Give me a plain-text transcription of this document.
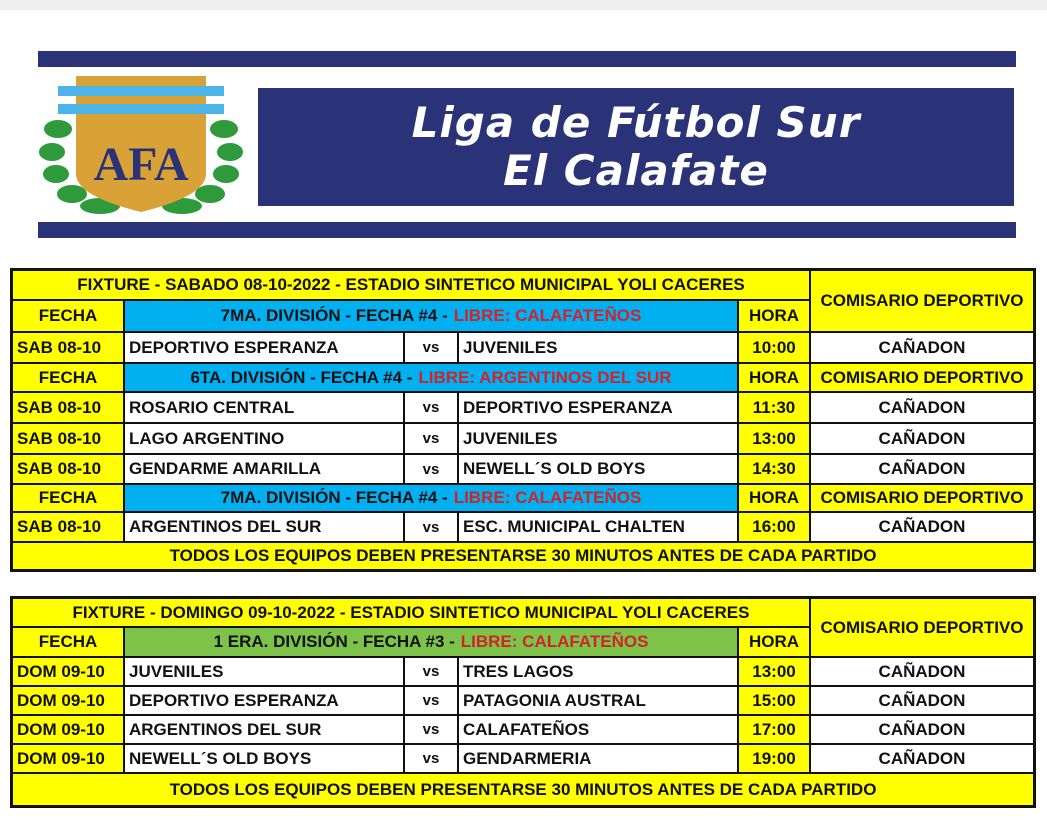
AFA
Liga de Fútbol Sur
El Calafate
FIXTURE - SABADO 08-10-2022 - ESTADIO SINTETICO MUNICIPAL YOLI CACERES
COMISARIO DEPORTIVO
FECHA	7MA. DIVISIÓN - FECHA #4 - LIBRE: CALAFATEÑOS	HORA
SAB 08-10	DEPORTIVO ESPERANZA	vs	JUVENILES	10:00	CAÑADON
FECHA	6TA. DIVISIÓN - FECHA #4 - LIBRE: ARGENTINOS DEL SUR	HORA	COMISARIO DEPORTIVO
SAB 08-10	ROSARIO CENTRAL	vs	DEPORTIVO ESPERANZA	11:30	CAÑADON
SAB 08-10	LAGO ARGENTINO	vs	JUVENILES	13:00	CAÑADON
SAB 08-10	GENDARME AMARILLA	vs	NEWELL´S OLD BOYS	14:30	CAÑADON
FECHA	7MA. DIVISIÓN - FECHA #4 - LIBRE: CALAFATEÑOS	HORA	COMISARIO DEPORTIVO
SAB 08-10	ARGENTINOS DEL SUR	vs	ESC. MUNICIPAL CHALTEN	16:00	CAÑADON
TODOS LOS EQUIPOS DEBEN PRESENTARSE 30 MINUTOS ANTES DE CADA PARTIDO
FIXTURE - DOMINGO 09-10-2022 - ESTADIO SINTETICO MUNICIPAL YOLI CACERES
COMISARIO DEPORTIVO
FECHA	1 ERA. DIVISIÓN - FECHA #3 - LIBRE: CALAFATEÑOS	HORA
DOM 09-10	JUVENILES	vs	TRES LAGOS	13:00	CAÑADON
DOM 09-10	DEPORTIVO ESPERANZA	vs	PATAGONIA AUSTRAL	15:00	CAÑADON
DOM 09-10	ARGENTINOS DEL SUR	vs	CALAFATEÑOS	17:00	CAÑADON
DOM 09-10	NEWELL´S OLD BOYS	vs	GENDARMERIA	19:00	CAÑADON
TODOS LOS EQUIPOS DEBEN PRESENTARSE 30 MINUTOS ANTES DE CADA PARTIDO
